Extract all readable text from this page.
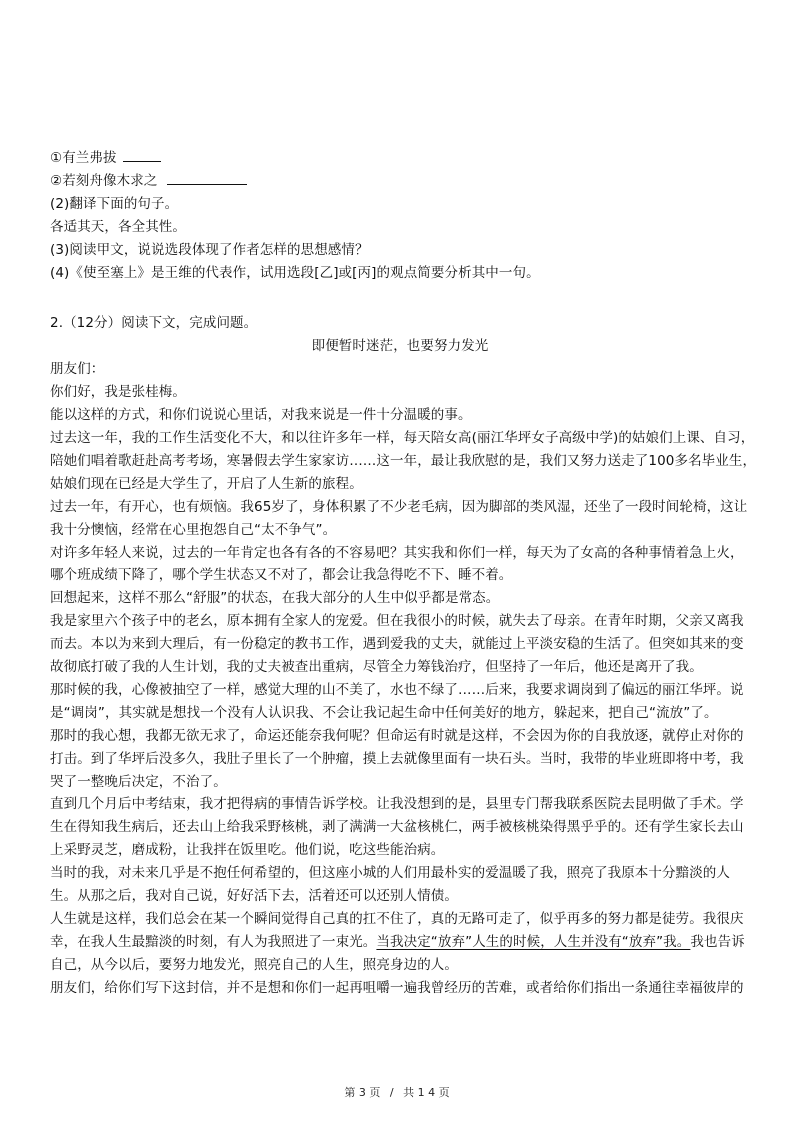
①有兰弗拔
②若刻舟像木求之
(2)翻译下面的句子。
各适其天，各全其性。
(3)阅读甲文，说说选段体现了作者怎样的思想感情？
(4)《使至塞上》是王维的代表作，试用选段[乙]或[丙]的观点简要分析其中一句。
2.（12分）阅读下文，完成问题。
即便暂时迷茫，也要努力发光
朋友们：
你们好，我是张桂梅。
能以这样的方式，和你们说说心里话，对我来说是一件十分温暖的事。
过去这一年，我的工作生活变化不大，和以往许多年一样，每天陪女高(丽江华坪女子高级中学)的姑娘们上课、自习，
陪她们唱着歌赶赴高考考场，寒暑假去学生家家访……这一年，最让我欣慰的是，我们又努力送走了100多名毕业生，
姑娘们现在已经是大学生了，开启了人生新的旅程。
过去一年，有开心，也有烦恼。我65岁了，身体积累了不少老毛病，因为脚部的类风湿，还坐了一段时间轮椅，这让
我十分懊恼，经常在心里抱怨自己“太不争气”。
对许多年轻人来说，过去的一年肯定也各有各的不容易吧？其实我和你们一样，每天为了女高的各种事情着急上火，
哪个班成绩下降了，哪个学生状态又不对了，都会让我急得吃不下、睡不着。
回想起来，这样不那么“舒服”的状态，在我大部分的人生中似乎都是常态。
我是家里六个孩子中的老幺，原本拥有全家人的宠爱。但在我很小的时候，就失去了母亲。在青年时期，父亲又离我
而去。本以为来到大理后，有一份稳定的教书工作，遇到爱我的丈夫，就能过上平淡安稳的生活了。但突如其来的变
故彻底打破了我的人生计划，我的丈夫被查出重病，尽管全力筹钱治疗，但坚持了一年后，他还是离开了我。
那时候的我，心像被抽空了一样，感觉大理的山不美了，水也不绿了……后来，我要求调岗到了偏远的丽江华坪。说
是“调岗”，其实就是想找一个没有人认识我、不会让我记起生命中任何美好的地方，躲起来，把自己“流放”了。
那时的我心想，我都无欲无求了，命运还能奈我何呢？但命运有时就是这样，不会因为你的自我放逐，就停止对你的
打击。到了华坪后没多久，我肚子里长了一个肿瘤，摸上去就像里面有一块石头。当时，我带的毕业班即将中考，我
哭了一整晚后决定，不治了。
直到几个月后中考结束，我才把得病的事情告诉学校。让我没想到的是，县里专门帮我联系医院去昆明做了手术。学
生在得知我生病后，还去山上给我采野核桃，剥了满满一大盆核桃仁，两手被核桃染得黑乎乎的。还有学生家长去山
上采野灵芝，磨成粉，让我拌在饭里吃。他们说，吃这些能治病。
当时的我，对未来几乎是不抱任何希望的，但这座小城的人们用最朴实的爱温暖了我，照亮了我原本十分黯淡的人
生。从那之后，我对自己说，好好活下去，活着还可以还别人情债。
人生就是这样，我们总会在某一个瞬间觉得自己真的扛不住了，真的无路可走了，似乎再多的努力都是徒劳。我很庆
幸，在我人生最黯淡的时刻，有人为我照进了一束光。当我决定“放弃”人生的时候，人生并没有“放弃”我。我也告诉
自己，从今以后，要努力地发光，照亮自己的人生，照亮身边的人。
朋友们，给你们写下这封信，并不是想和你们一起再咀嚼一遍我曾经历的苦难，或者给你们指出一条通往幸福彼岸的
第 3 页 / 共 1 4 页
